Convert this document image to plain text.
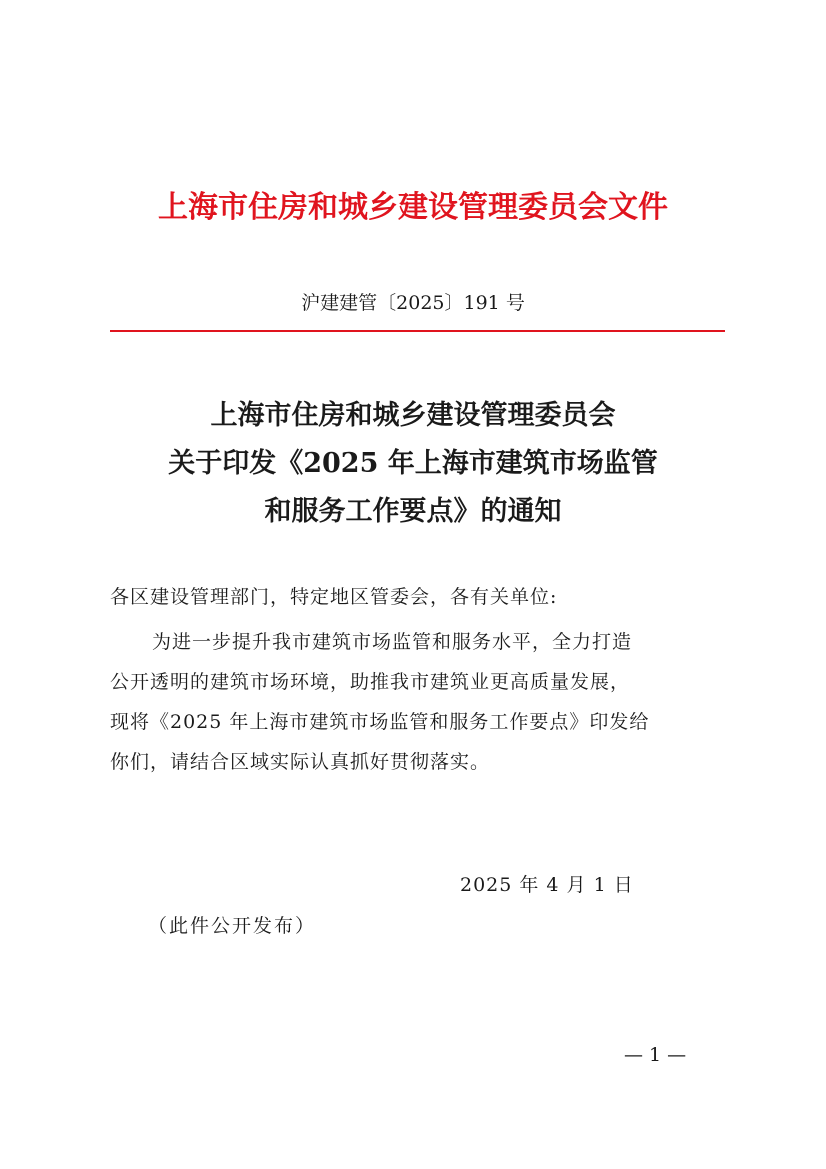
上海市住房和城乡建设管理委员会文件
沪建建管〔2025〕191 号
上海市住房和城乡建设管理委员会
关于印发《2025 年上海市建筑市场监管
和服务工作要点》的通知
各区建设管理部门，特定地区管委会，各有关单位:
为进一步提升我市建筑市场监管和服务水平，全力打造
公开透明的建筑市场环境，助推我市建筑业更高质量发展，
现将《2025 年上海市建筑市场监管和服务工作要点》印发给
你们，请结合区域实际认真抓好贯彻落实。
2025 年 4 月 1 日
（此件公开发布）
— 1 —
